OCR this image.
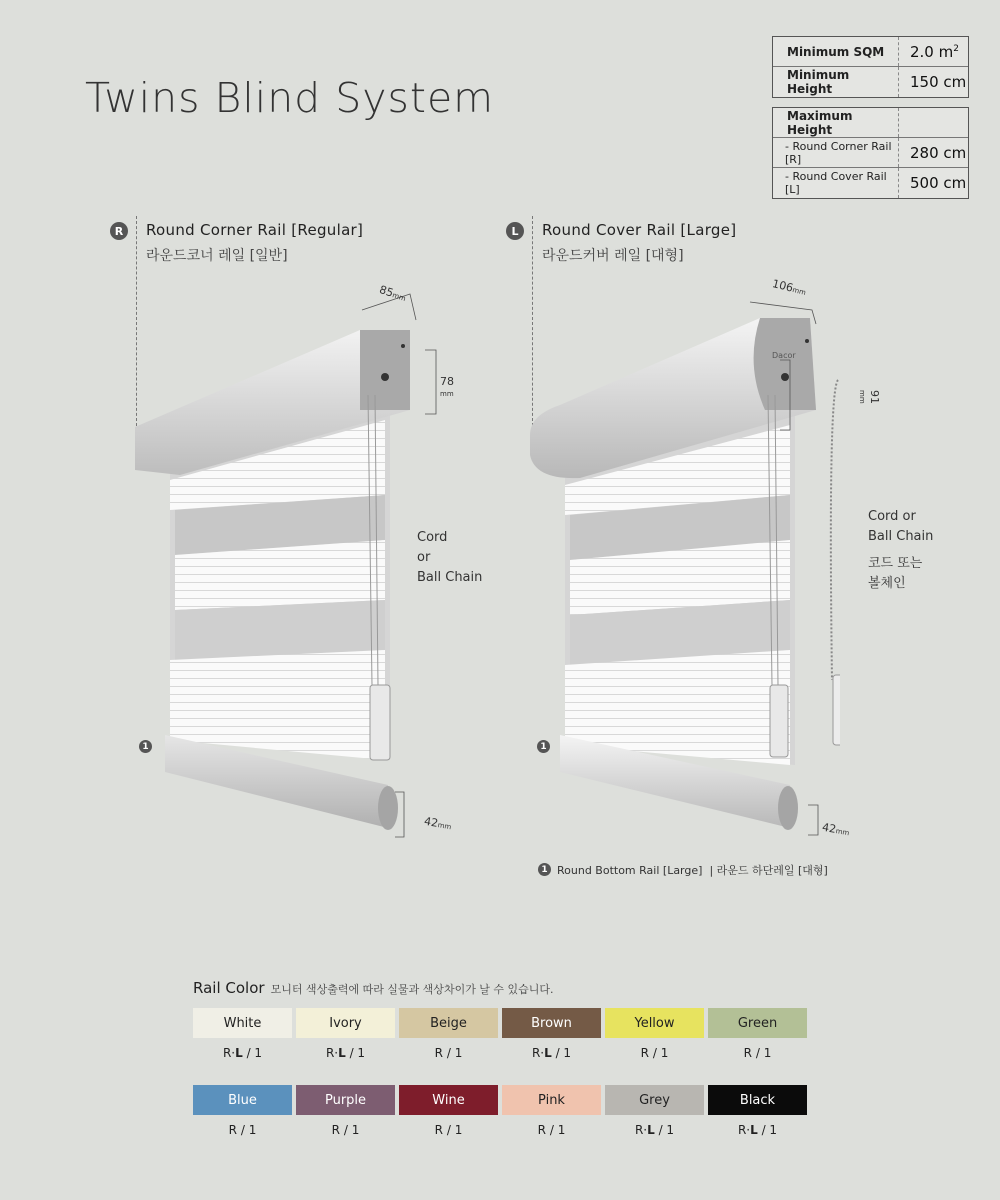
Twins Blind System
Minimum SQM	2.0 $m^2$
Minimum Height	150 cm
Maximum Height
- Round Corner Rail [R]	280 cm
- Round Cover Rail [L]	500 cm
R	Round Corner Rail [Regular]
라운드코너 레일 [일반]
L	Round Cover Rail [Large]
라운드커버 레일 [대형]
85mm
78
mm
42mm
Cord
or
Ball Chain
1
Dacor
106mm
91
mm
42mm
Cord or
Ball Chain
코드 또는
볼체인
1
1 Round Bottom Rail [Large] | 라운드 하단레일 [대형]
Rail Color 모니터 색상출력에 따라 실물과 색상차이가 날 수 있습니다.
White
R·L / 1
Ivory
R·L / 1
Beige
R / 1
Brown
R·L / 1
Yellow
R / 1
Green
R / 1
Blue
R / 1
Purple
R / 1
Wine
R / 1
Pink
R / 1
Grey
R·L / 1
Black
R·L / 1
